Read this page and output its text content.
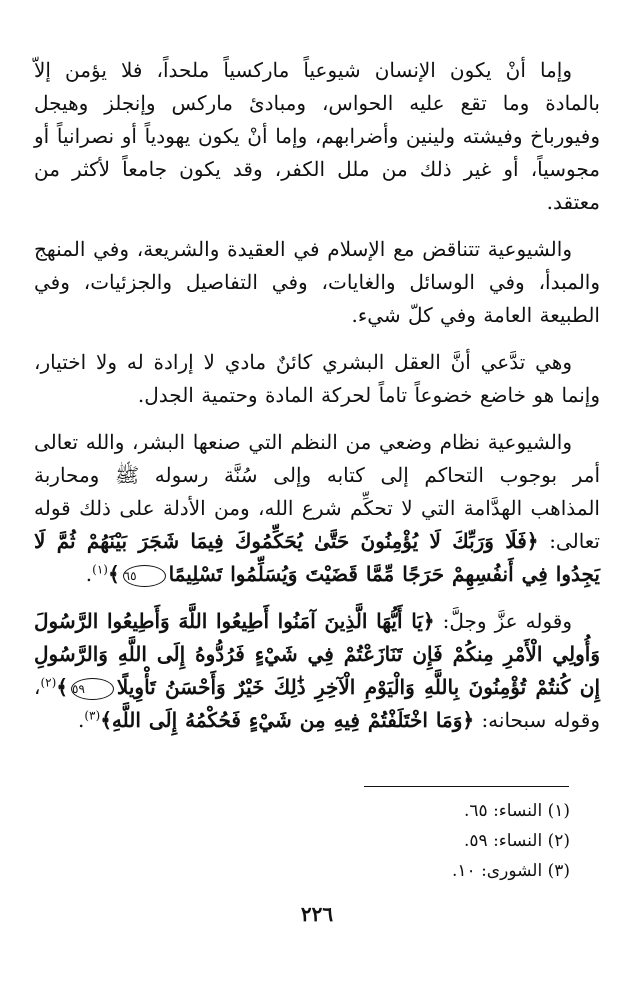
وإما أنْ يكون الإنسان شيوعياً ماركسياً ملحداً، فلا يؤمن إلاّ بالمادة وما تقع عليه الحواس، ومبادئ ماركس وإنجلز وهيجل وفيورباخ وفيشته ولينين وأضرابهم، وإما أنْ يكون يهودياً أو نصرانياً أو مجوسياً، أو غير ذلك من ملل الكفر، وقد يكون جامعاً لأكثر من معتقد.

والشيوعية تتناقض مع الإسلام في العقيدة والشريعة، وفي المنهج والمبدأ، وفي الوسائل والغايات، وفي التفاصيل والجزئيات، وفي الطبيعة العامة وفي كلّ شيء.

وهي تدَّعي أنَّ العقل البشري كائنٌ مادي لا إرادة له ولا اختيار، وإنما هو خاضع خضوعاً تاماً لحركة المادة وحتمية الجدل.

والشيوعية نظام وضعي من النظم التي صنعها البشر، والله تعالى أمر بوجوب التحاكم إلى كتابه وإلى سُنَّة رسوله ﷺ ومحاربة المذاهب الهدَّامة التي لا تحكِّم شرع الله، ومن الأدلة على ذلك قوله تعالى: ﴿فَلَا وَرَبِّكَ لَا يُؤْمِنُونَ حَتَّىٰ يُحَكِّمُوكَ فِيمَا شَجَرَ بَيْنَهُمْ ثُمَّ لَا يَجِدُوا فِي أَنفُسِهِمْ حَرَجًا مِّمَّا قَضَيْتَ وَيُسَلِّمُوا تَسْلِيمًا٦٥﴾$^{(١)}$.

وقوله عزَّ وجلَّ: ﴿يَا أَيُّهَا الَّذِينَ آمَنُوا أَطِيعُوا اللَّهَ وَأَطِيعُوا الرَّسُولَ وَأُولِي الْأَمْرِ مِنكُمْ فَإِن تَنَازَعْتُمْ فِي شَيْءٍ فَرُدُّوهُ إِلَى اللَّهِ وَالرَّسُولِ إِن كُنتُمْ تُؤْمِنُونَ بِاللَّهِ وَالْيَوْمِ الْآخِرِ ذَٰلِكَ خَيْرٌ وَأَحْسَنُ تَأْوِيلًا٥٩﴾$^{(٢)}$، وقوله سبحانه: ﴿وَمَا اخْتَلَفْتُمْ فِيهِ مِن شَيْءٍ فَحُكْمُهُ إِلَى اللَّهِ﴾$^{(٣)}$.

(١) النساء: ٦٥.
(٢) النساء: ٥٩.
(٣) الشورى: ١٠.
٢٢٦
